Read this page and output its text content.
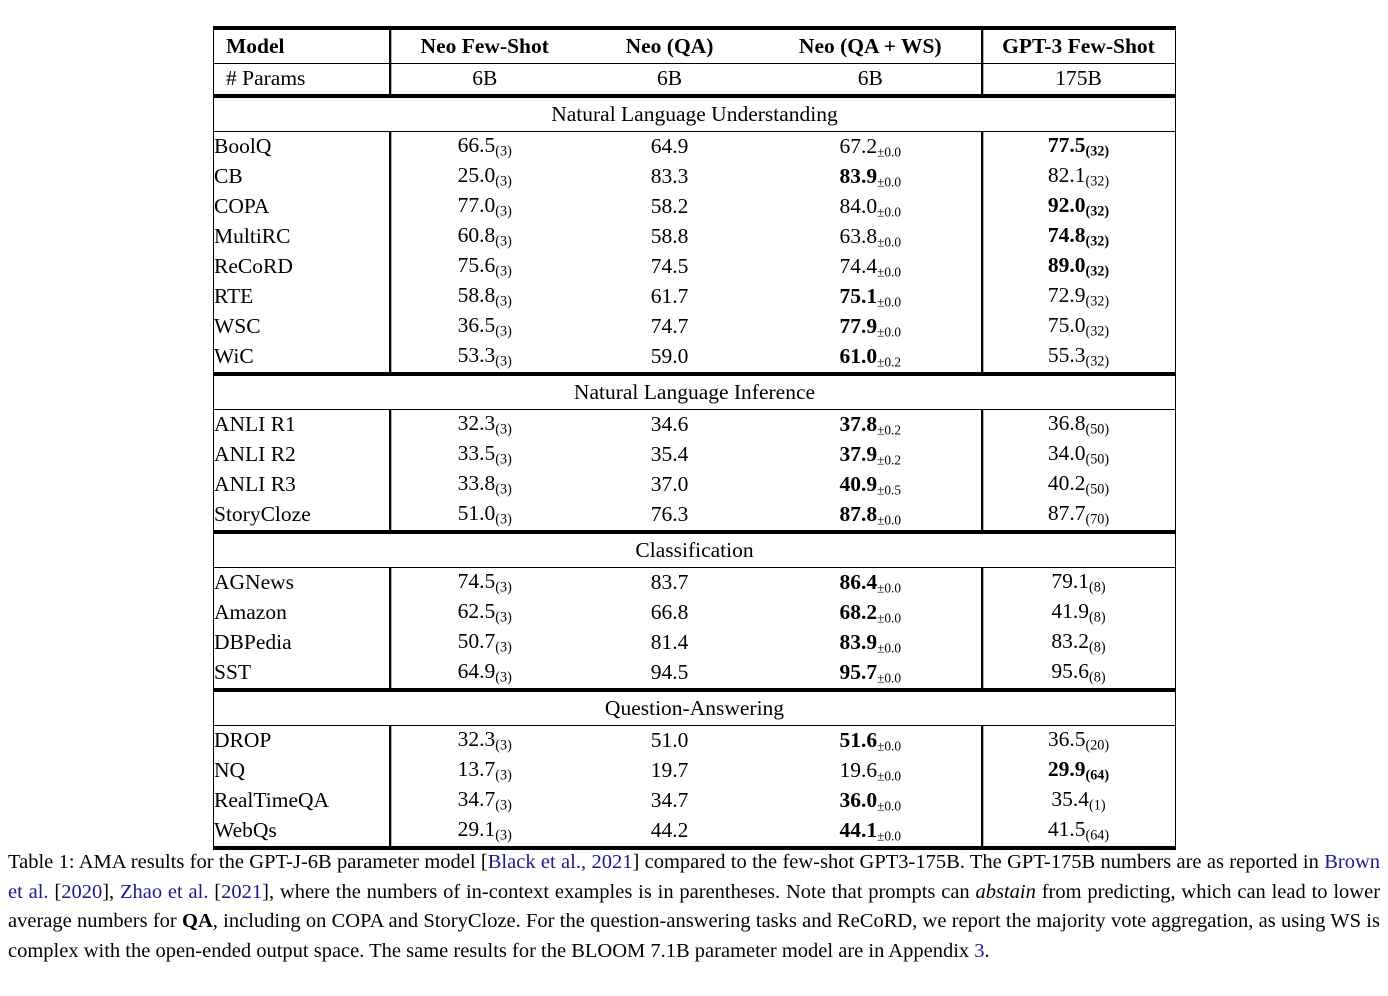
Model	Neo Few-Shot	Neo (QA)	Neo (QA + WS)	GPT-3 Few-Shot
# Params	6B	6B	6B	175B
Natural Language Understanding				
BoolQ	$66.5_{(3)}$	64.9	$67.2_{\pm 0.0}$	$77.5_{(32)}$
CB	$25.0_{(3)}$	83.3	$83.9_{\pm 0.0}$	$82.1_{(32)}$
COPA	$77.0_{(3)}$	58.2	$84.0_{\pm 0.0}$	$92.0_{(32)}$
MultiRC	$60.8_{(3)}$	58.8	$63.8_{\pm 0.0}$	$74.8_{(32)}$
ReCoRD	$75.6_{(3)}$	74.5	$74.4_{\pm 0.0}$	$89.0_{(32)}$
RTE	$58.8_{(3)}$	61.7	$75.1_{\pm 0.0}$	$72.9_{(32)}$
WSC	$36.5_{(3)}$	74.7	$77.9_{\pm 0.0}$	$75.0_{(32)}$
WiC	$53.3_{(3)}$	59.0	$61.0_{\pm 0.2}$	$55.3_{(32)}$
Natural Language Inference				
ANLI R1	$32.3_{(3)}$	34.6	$37.8_{\pm 0.2}$	$36.8_{(50)}$
ANLI R2	$33.5_{(3)}$	35.4	$37.9_{\pm 0.2}$	$34.0_{(50)}$
ANLI R3	$33.8_{(3)}$	37.0	$40.9_{\pm 0.5}$	$40.2_{(50)}$
StoryCloze	$51.0_{(3)}$	76.3	$87.8_{\pm 0.0}$	$87.7_{(70)}$
Classification				
AGNews	$74.5_{(3)}$	83.7	$86.4_{\pm 0.0}$	$79.1_{(8)}$
Amazon	$62.5_{(3)}$	66.8	$68.2_{\pm 0.0}$	$41.9_{(8)}$
DBPedia	$50.7_{(3)}$	81.4	$83.9_{\pm 0.0}$	$83.2_{(8)}$
SST	$64.9_{(3)}$	94.5	$95.7_{\pm 0.0}$	$95.6_{(8)}$
Question-Answering				
DROP	$32.3_{(3)}$	51.0	$51.6_{\pm 0.0}$	$36.5_{(20)}$
NQ	$13.7_{(3)}$	19.7	$19.6_{\pm 0.0}$	$29.9_{(64)}$
RealTimeQA	$34.7_{(3)}$	34.7	$36.0_{\pm 0.0}$	$35.4_{(1)}$
WebQs	$29.1_{(3)}$	44.2	$44.1_{\pm 0.0}$	$41.5_{(64)}$
Table 1: AMA results for the GPT-J-6B parameter model [Black et al., 2021] compared to the few-shot GPT3-175B. The GPT-175B numbers are as reported in Brown et al. [2020], Zhao et al. [2021], where the numbers of in-context examples is in parentheses. Note that prompts can abstain from predicting, which can lead to lower average numbers for QA, including on COPA and StoryCloze. For the question-answering tasks and ReCoRD, we report the majority vote aggregation, as using WS is complex with the open-ended output space. The same results for the BLOOM 7.1B parameter model are in Appendix 3.
